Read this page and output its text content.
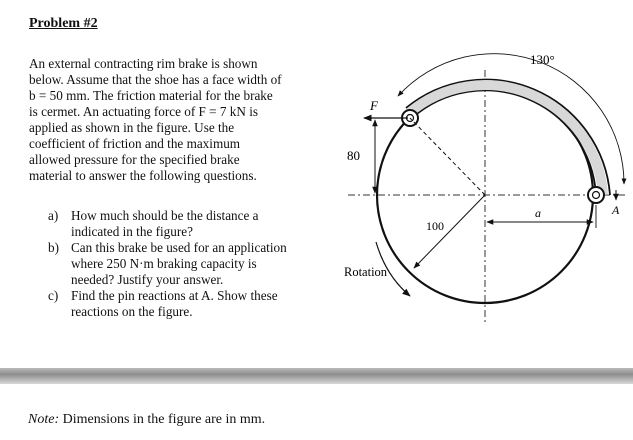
Problem #2

An external contracting rim brake is shown

below. Assume that the shoe has a face width of

b = 50 mm. The friction material for the brake

is cermet. An actuating force of F = 7 kN is

applied as shown in the figure. Use the

coefficient of friction and the maximum

allowed pressure for the specified brake

material to answer the following questions.

a) How much should be the distance a
indicated in the figure?
b) Can this brake be used for an application
where 250 N·m braking capacity is
needed? Justify your answer.
c) Find the pin reactions at A. Show these
reactions on the figure.
130°
F
80
100
a	A
Rotation
Note: Dimensions in the figure are in mm.
